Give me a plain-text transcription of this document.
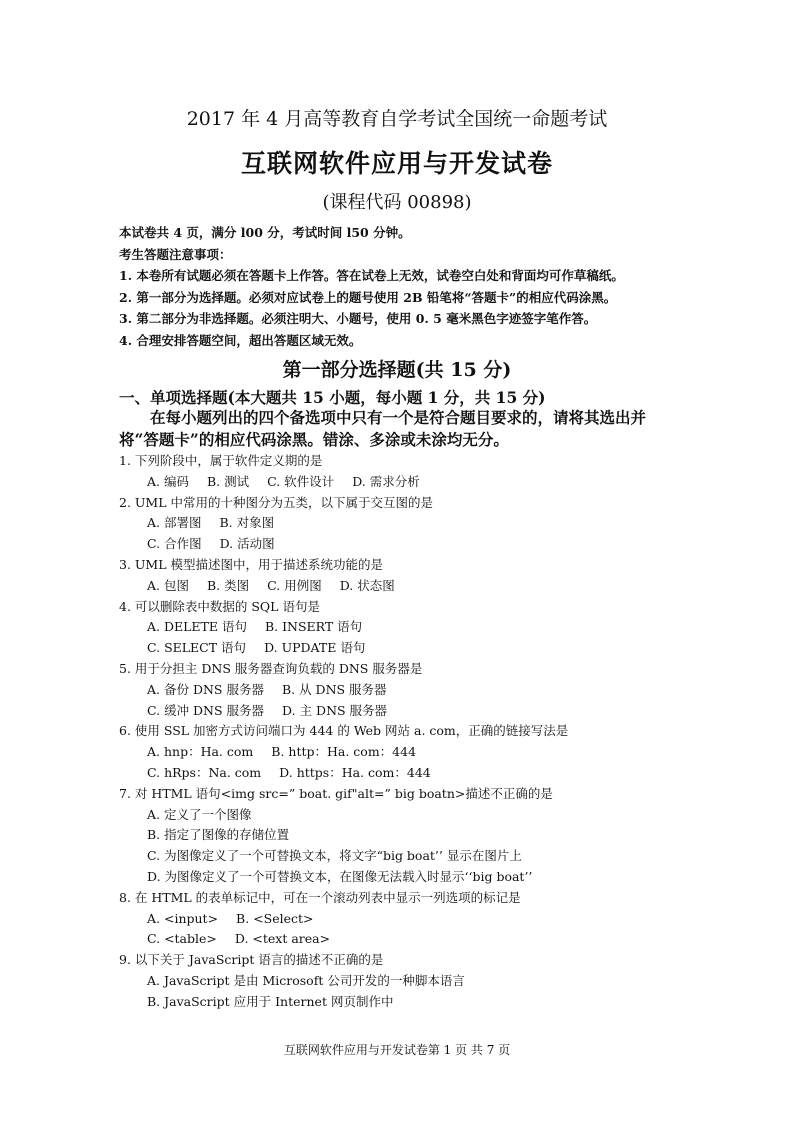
2017 年 4 月高等教育自学考试全国统一命题考试
互联网软件应用与开发试卷
(课程代码 00898)
本试卷共 4 页，满分 l00 分，考试时间 l50 分钟。
考生答题注意事项：
1. 本卷所有试题必须在答题卡上作答。答在试卷上无效，试卷空白处和背面均可作草稿纸。
2. 第一部分为选择题。必须对应试卷上的题号使用 2B 铅笔将“答题卡”的相应代码涂黑。
3. 第二部分为非选择题。必须注明大、小题号，使用 0. 5 毫米黑色字迹签字笔作答。
4. 合理安排答题空间，超出答题区域无效。
第一部分选择题(共 15 分)
一、单项选择题(本大题共 15 小题，每小题 1 分，共 15 分)
在每小题列出的四个备选项中只有一个是符合题目要求的，请将其选出并
将“答题卡”的相应代码涂黑。错涂、多涂或未涂均无分。
1. 下列阶段中，属于软件定义期的是
A. 编码 B. 测试 C. 软件设计 D. 需求分析
2. UML 中常用的十种图分为五类，以下属于交互图的是
A. 部署图 B. 对象图
C. 合作图 D. 活动图
3. UML 模型描述图中，用于描述系统功能的是
A. 包图 B. 类图 C. 用例图 D. 状态图
4. 可以删除表中数据的 SQL 语句是
A. DELETE 语句 B. INSERT 语句
C. SELECT 语句 D. UPDATE 语句
5. 用于分担主 DNS 服务器查询负载的 DNS 服务器是
A. 备份 DNS 服务器 B. 从 DNS 服务器
C. 缓冲 DNS 服务器 D. 主 DNS 服务器
6. 使用 SSL 加密方式访问端口为 444 的 Web 网站 a. com，正确的链接写法是
A. hnp：Ha. com B. http：Ha. com：444
C. hRps：Na. com D. https：Ha. com：444
7. 对 HTML 语句<img src=” boat. gif"alt=” big boatn>描述不正确的是
A. 定义了一个图像
B. 指定了图像的存储位置
C. 为图像定义了一个可替换文本，将文字“big boat’’ 显示在图片上
D. 为图像定义了一个可替换文本，在图像无法载入时显示‘‘big boat’’
8. 在 HTML 的表单标记中，可在一个滚动列表中显示一列选项的标记是
A. <input> B. <Select>
C. <table> D. <text area>
9. 以下关于 JavaScript 语言的描述不正确的是
A. JavaScript 是由 Microsoft 公司开发的一种脚本语言
B. JavaScript 应用于 Internet 网页制作中
互联网软件应用与开发试卷第 1 页 共 7 页
